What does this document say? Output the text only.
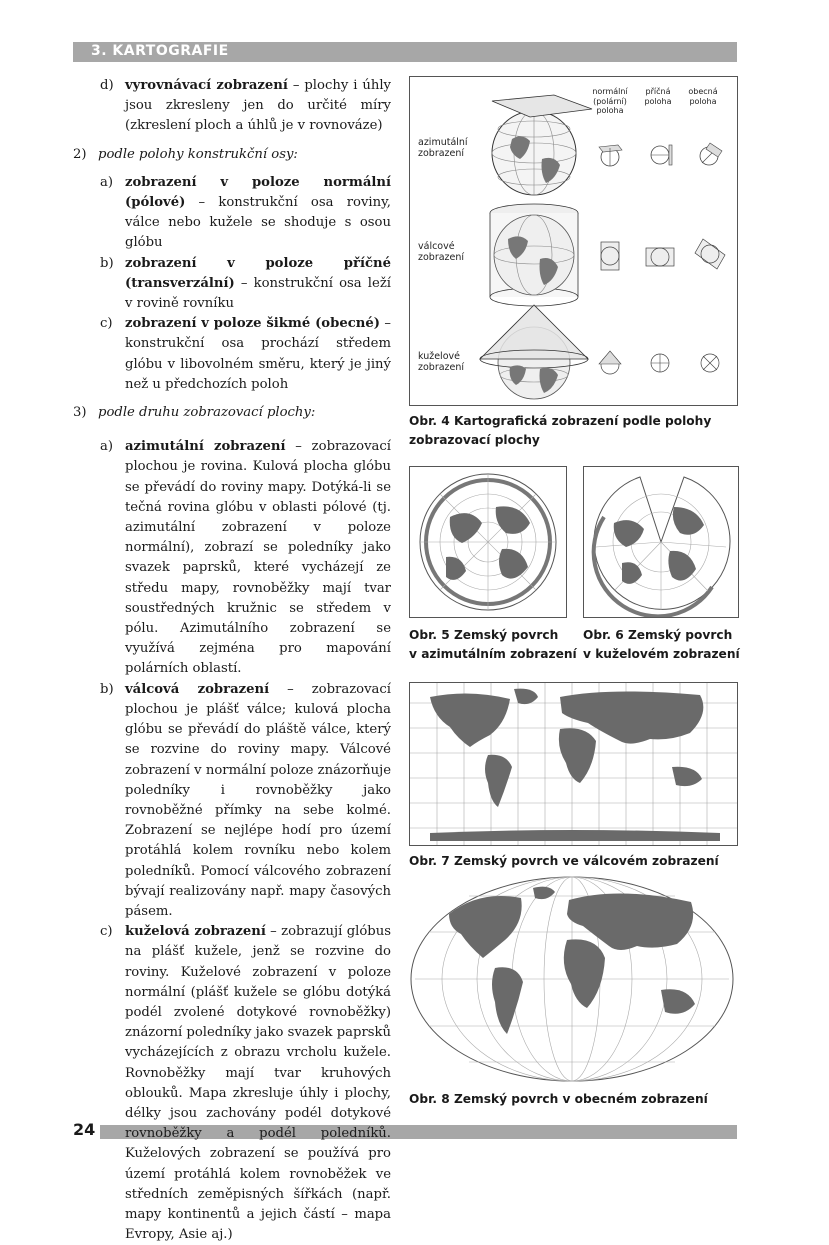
3. KARTOGRAFIE
24
d) vyrovnávací zobrazení – plochy i úhly jsou zkresleny jen do určité míry (zkreslení ploch a úhlů je v rovnováze)
2) podle polohy konstrukční osy:
a) zobrazení v poloze normální (pólové) – konstrukční osa roviny, válce nebo kužele se shoduje s osou glóbu
b) zobrazení v poloze příčné (transverzální) – konstrukční osa leží v rovině rovníku
c) zobrazení v poloze šikmé (obecné) – konstrukční osa prochází středem glóbu v libovolném směru, který je jiný než u předchozích poloh
3) podle druhu zobrazovací plochy:
a) azimutální zobrazení – zobrazovací plochou je rovina. Kulová plocha glóbu se převádí do roviny mapy. Dotýká-li se tečná rovina glóbu v oblasti pólové (tj. azimutální zobrazení v poloze normální), zobrazí se poledníky jako svazek paprsků, které vycházejí ze středu mapy, rovnoběžky mají tvar soustředných kružnic se středem v pólu. Azimutálního zobrazení se využívá zejména pro mapování polárních oblastí.
b) válcová zobrazení – zobrazovací plochou je plášť válce; kulová plocha glóbu se převádí do pláště válce, který se rozvine do roviny mapy. Válcové zobrazení v normální poloze znázorňuje poledníky i rovnoběžky jako rovnoběžné přímky na sebe kolmé. Zobrazení se nejlépe hodí pro území protáhlá kolem rovníku nebo kolem poledníků. Pomocí válcového zobrazení bývají realizovány např. mapy časových pásem.
c) kuželová zobrazení – zobrazují glóbus na plášť kužele, jenž se rozvine do roviny. Kuželové zobrazení v poloze normální (plášť kužele se glóbu dotýká podél zvolené dotykové rovnoběžky) znázorní poledníky jako svazek paprsků vycházejících z obrazu vrcholu kužele. Rovnoběžky mají tvar kruhových oblouků. Mapa zkresluje úhly i plochy, délky jsou zachovány podél dotykové rovnoběžky a podél poledníků. Kuželových zobrazení se používá pro území protáhlá kolem rovnoběžek ve středních zeměpisných šířkách (např. mapy kontinentů a jejich částí – mapa Evropy, Asie aj.)
normální (polární) poloha
příčná poloha
obecná poloha
azimutální zobrazení
válcové zobrazení
kuželové zobrazení
Obr. 4 Kartografická zobrazení podle polohy
zobrazovací plochy
Obr. 5 Zemský povrch
v azimutálním zobrazení
Obr. 6 Zemský povrch
v kuželovém zobrazení
Obr. 7 Zemský povrch ve válcovém zobrazení
Obr. 8 Zemský povrch v obecném zobrazení
